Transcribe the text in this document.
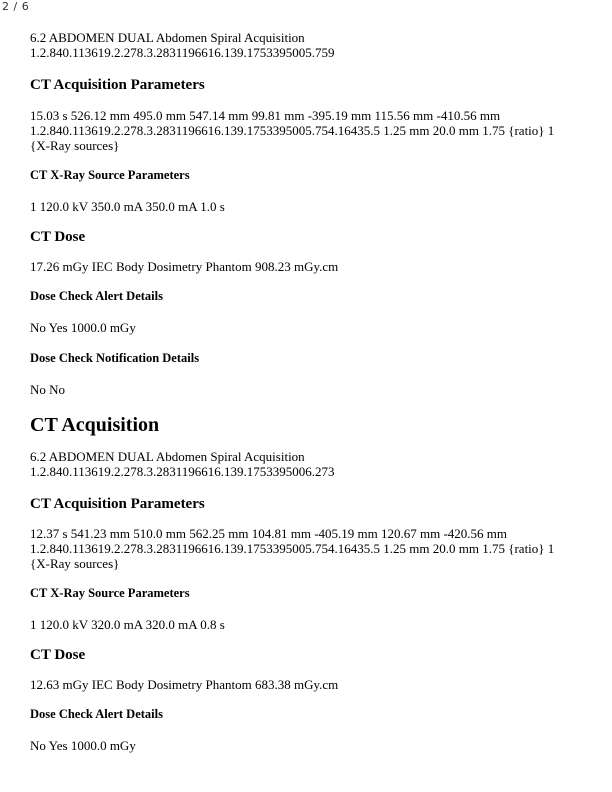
2 / 6

6.2 ABDOMEN DUAL Abdomen Spiral Acquisition 1.2.840.113619.2.278.3.2831196616.139.1753395005.759

CT Acquisition Parameters

15.03 s 526.12 mm 495.0 mm 547.14 mm 99.81 mm -395.19 mm 115.56 mm -410.56 mm 1.2.840.113619.2.278.3.2831196616.139.1753395005.754.16435.5 1.25 mm 20.0 mm 1.75 {ratio} 1 {X-Ray sources}

CT X-Ray Source Parameters

1 120.0 kV 350.0 mA 350.0 mA 1.0 s

CT Dose

17.26 mGy IEC Body Dosimetry Phantom 908.23 mGy.cm

Dose Check Alert Details

No Yes 1000.0 mGy

Dose Check Notification Details

No No

CT Acquisition

6.2 ABDOMEN DUAL Abdomen Spiral Acquisition 1.2.840.113619.2.278.3.2831196616.139.1753395006.273

CT Acquisition Parameters

12.37 s 541.23 mm 510.0 mm 562.25 mm 104.81 mm -405.19 mm 120.67 mm -420.56 mm 1.2.840.113619.2.278.3.2831196616.139.1753395005.754.16435.5 1.25 mm 20.0 mm 1.75 {ratio} 1 {X-Ray sources}

CT X-Ray Source Parameters

1 120.0 kV 320.0 mA 320.0 mA 0.8 s

CT Dose

12.63 mGy IEC Body Dosimetry Phantom 683.38 mGy.cm

Dose Check Alert Details

No Yes 1000.0 mGy
